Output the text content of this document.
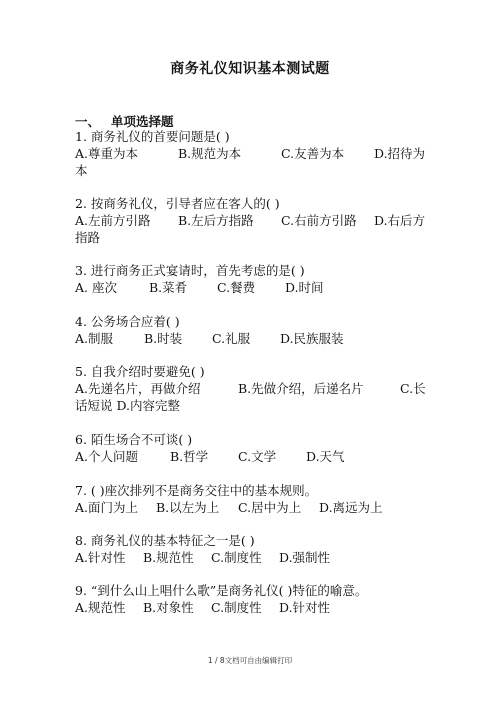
商务礼仪知识基本测试题
一、 单项选择题
1. 商务礼仪的首要问题是( )
A.尊重为本	B.规范为本	C.友善为本 D.招待为
本
2. 按商务礼仪，引导者应在客人的( )
A.左前方引路 B.左后方指路 C.右前方引路 D.右后方
指路
3. 进行商务正式宴请时，首先考虑的是( )
A. 座次	B.菜肴 C.餐费 D.时间
4. 公务场合应着( )
A.制服 B.时装 C.礼服 D.民族服装
5. 自我介绍时要避免( )
A.先递名片，再做介绍	B.先做介绍，后递名片	C.长
话短说 D.内容完整
6. 陌生场合不可谈( )
A.个人问题	B.哲学 C.文学 D.天气
7. ( )座次排列不是商务交往中的基本规则。
A.面门为上 B.以左为上 C.居中为上 D.离远为上
8. 商务礼仪的基本特征之一是( )
A.针对性 B.规范性 C.制度性 D.强制性
9. “到什么山上唱什么歌”是商务礼仪( )特征的喻意。
A.规范性 B.对象性 C.制度性 D.针对性
1 / 8文档可自由编辑打印
